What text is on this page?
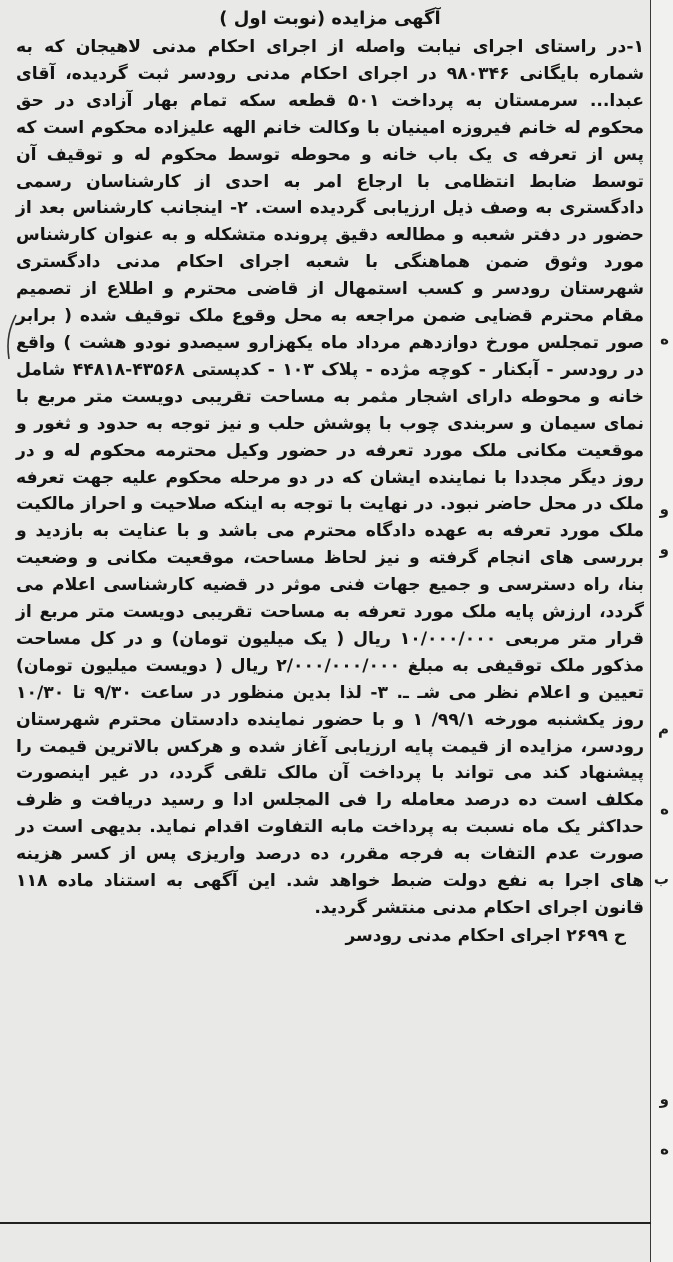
ه
و
و
م
ه
ب
و
ه
آگهی مزایده (نوبت اول )

۱-در راستای اجرای نیابت واصله از اجرای احکام مدنی لاهیجان که به شماره بایگانی ۹۸۰۳۴۶ در اجرای احکام مدنی رودسر ثبت گردیده، آقای عبدا... سرمستان به پرداخت ۵۰۱ قطعه سکه تمام بهار آزادی در حق محکوم له خانم فیروزه امینیان با وکالت خانم الهه علیزاده محکوم است که پس از تعرفه ی یک باب خانه و محوطه توسط محکوم له و توقیف آن توسط ضابط انتظامی با ارجاع امر به احدی از کارشناسان رسمی دادگستری به وصف ذیل ارزیابی گردیده است. ۲- اینجانب کارشناس بعد از حضور در دفتر شعبه و مطالعه دقیق پرونده متشکله و به عنوان کارشناس مورد وثوق ضمن هماهنگی با شعبه اجرای احکام مدنی دادگستری شهرستان رودسر و کسب استمهال از قاضی محترم و اطلاع از تصمیم مقام محترم قضایی ضمن مراجعه به محل وقوع ملک توقیف شده ( برابر صور تمجلس مورخ دوازدهم مرداد ماه یکهزارو سیصدو نودو هشت ) واقع در رودسر - آبکنار - کوچه مژده - پلاک ۱۰۳ - کدپستی ۴۳۵۶۸-۴۴۸۱۸ شامل خانه و محوطه دارای اشجار مثمر به مساحت تقریبی دویست متر مربع با نمای سیمان و سربندی چوب با پوشش حلب و نیز توجه به حدود و ثغور و موقعیت مکانی ملک مورد تعرفه در حضور وکیل محترمه محکوم له و در روز دیگر مجددا با نماینده ایشان که در دو مرحله محکوم علیه جهت تعرفه ملک در محل حاضر نبود. در نهایت با توجه به اینکه صلاحیت و احراز مالکیت ملک مورد تعرفه به عهده دادگاه محترم می باشد و با عنایت به بازدید و بررسی های انجام گرفته و نیز لحاظ مساحت، موقعیت مکانی و وضعیت بنا، راه دسترسی و جمیع جهات فنی موثر در قضیه کارشناسی اعلام می گردد، ارزش پایه ملک مورد تعرفه به مساحت تقریبی دویست متر مربع از قرار متر مربعی ۱۰/۰۰۰/۰۰۰ ریال ( یک میلیون تومان) و در کل مساحت مذکور ملک توقیفی به مبلغ ۲/۰۰۰/۰۰۰/۰۰۰ ریال ( دویست میلیون تومان) تعیین و اعلام نظر می شـ ـ. ۳- لذا بدین منظور در ساعت ۹/۳۰ تا ۱۰/۳۰ روز یکشنبه مورخه ۹۹/۱/ ۱ و با حضور نماینده دادستان محترم شهرستان رودسر، مزایده از قیمت پایه ارزیابی آغاز شده و هرکس بالاترین قیمت را پیشنهاد کند می تواند با پرداخت آن مالک تلقی گردد، در غیر اینصورت مکلف است ده درصد معامله را فی المجلس ادا و رسید دریافت و ظرف حداکثر یک ماه نسبت به پرداخت مابه التفاوت اقدام نماید. بدیهی است در صورت عدم التفات به فرجه مقرر، ده درصد واریزی پس از کسر هزینه های اجرا به نفع دولت ضبط خواهد شد. این آگهی به استناد ماده ۱۱۸ قانون اجرای احکام مدنی منتشر گردید.

ح ۲۶۹۹ اجرای احکام مدنی رودسر
